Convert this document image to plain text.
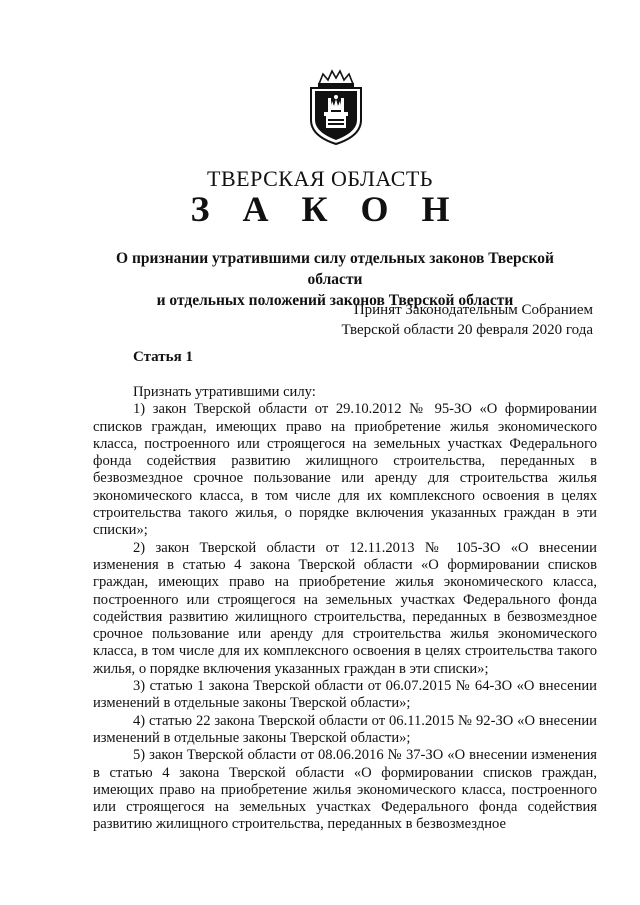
ТВЕРСКАЯ ОБЛАСТЬ
З А К О Н
О признании утратившими силу отдельных законов Тверской области
и отдельных положений законов Тверской области
Принят Законодательным Собранием
Тверской области 20 февраля 2020 года
Статья 1

Признать утратившими силу:

1) закон Тверской области от 29.10.2012 № 95-ЗО «О формировании списков граждан, имеющих право на приобретение жилья экономического класса, построенного или строящегося на земельных участках Федерального фонда содействия развитию жилищного строительства, переданных в безвозмездное срочное пользование или аренду для строительства жилья экономического класса, в том числе для их комплексного освоения в целях строительства такого жилья, о порядке включения указанных граждан в эти списки»;

2) закон Тверской области от 12.11.2013 № 105-ЗО «О внесении изменения в статью 4 закона Тверской области «О формировании списков граждан, имеющих право на приобретение жилья экономического класса, построенного или строящегося на земельных участках Федерального фонда содействия развитию жилищного строительства, переданных в безвозмездное срочное пользование или аренду для строительства жилья экономического класса, в том числе для их комплексного освоения в целях строительства такого жилья, о порядке включения указанных граждан в эти списки»;

3) статью 1 закона Тверской области от 06.07.2015 № 64-ЗО «О внесении изменений в отдельные законы Тверской области»;

4) статью 22 закона Тверской области от 06.11.2015 № 92-ЗО «О внесении изменений в отдельные законы Тверской области»;

5) закон Тверской области от 08.06.2016 № 37-ЗО «О внесении изменения в статью 4 закона Тверской области «О формировании списков граждан, имеющих право на приобретение жилья экономического класса, построенного или строящегося на земельных участках Федерального фонда содействия развитию жилищного строительства, переданных в безвозмездное
